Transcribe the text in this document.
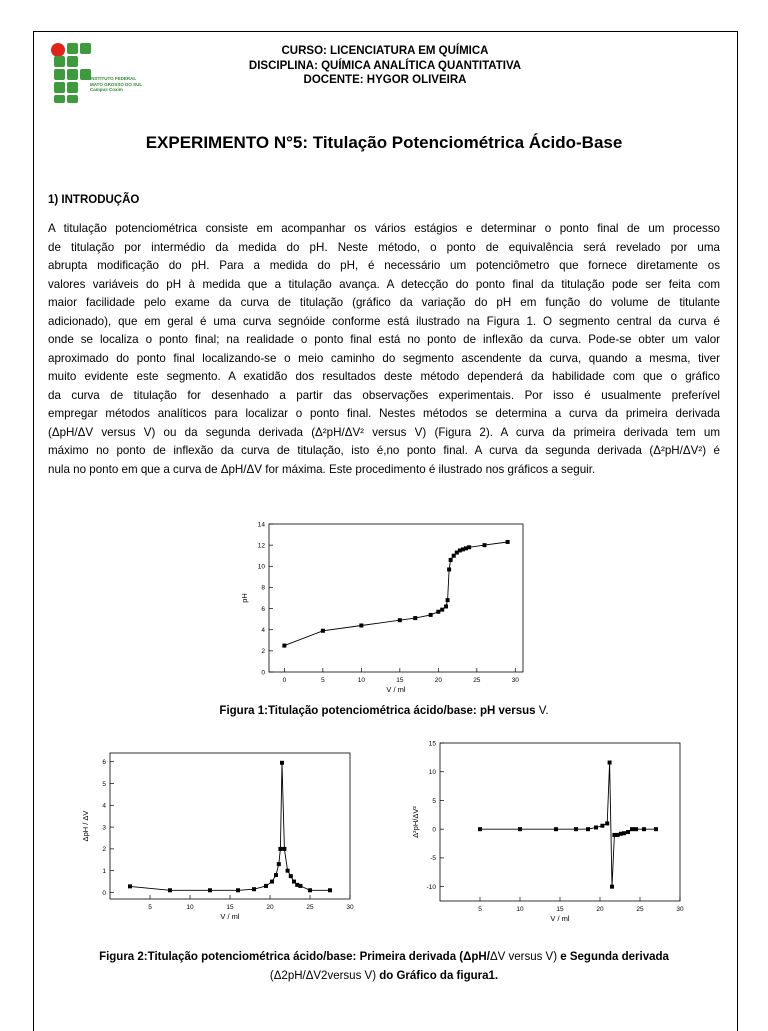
INSTITUTO FEDERAL
MATO GROSSO DO SUL
Campus Coxim
CURSO: LICENCIATURA EM QUÍMICA
DISCIPLINA: QUÍMICA ANALÍTICA QUANTITATIVA
DOCENTE: HYGOR OLIVEIRA
EXPERIMENTO N°5: Titulação Potenciométrica Ácido-Base
1) INTRODUÇÃO
A titulação potenciométrica consiste em acompanhar os vários estágios e determinar o ponto final de um processo
de titulação por intermédio da medida do pH. Neste método, o ponto de equivalência será revelado por uma
abrupta modificação do pH. Para a medida do pH, é necessário um potenciômetro que fornece diretamente os
valores variáveis do pH à medida que a titulação avança. A detecção do ponto final da titulação pode ser feita com
maior facilidade pelo exame da curva de titulação (gráfico da variação do pH em função do volume de titulante
adicionado), que em geral é uma curva segnóide conforme está ilustrado na Figura 1. O segmento central da curva é
onde se localiza o ponto final; na realidade o ponto final está no ponto de inflexão da curva. Pode-se obter um valor
aproximado do ponto final localizando-se o meio caminho do segmento ascendente da curva, quando a mesma, tiver
muito evidente este segmento. A exatidão dos resultados deste método dependerá da habilidade com que o gráfico
da curva de titulação for desenhado a partir das observações experimentais. Por isso é usualmente preferível
empregar métodos analíticos para localizar o ponto final. Nestes métodos se determina a curva da primeira derivada
(ΔpH/ΔV versus V) ou da segunda derivada (Δ²pH/ΔV² versus V) (Figura 2). A curva da primeira derivada tem um
máximo no ponto de inflexão da curva de titulação, isto é,no ponto final. A curva da segunda derivada (Δ²pH/ΔV²) é
nula no ponto em que a curva de ΔpH/ΔV for máxima. Este procedimento é ilustrado nos gráficos a seguir.
0	5	10	15	20	25	30
0
2
4
6
8
10
12
14
V / ml
pH
Figura 1:Titulação potenciométrica ácido/base: pH versus V.
5	10	15	20	25	30
0
1
2
3
4
5
6
V / ml
ΔpH / ΔV
5	10	15	20	25	30
-10
-5
0
5
10
15
V / ml
Δ²pH/ΔV²
Figura 2:Titulação potenciométrica ácido/base: Primeira derivada (ΔpH/ΔV versus V) e Segunda derivada
(Δ2pH/ΔV2versus V) do Gráfico da figura1.
